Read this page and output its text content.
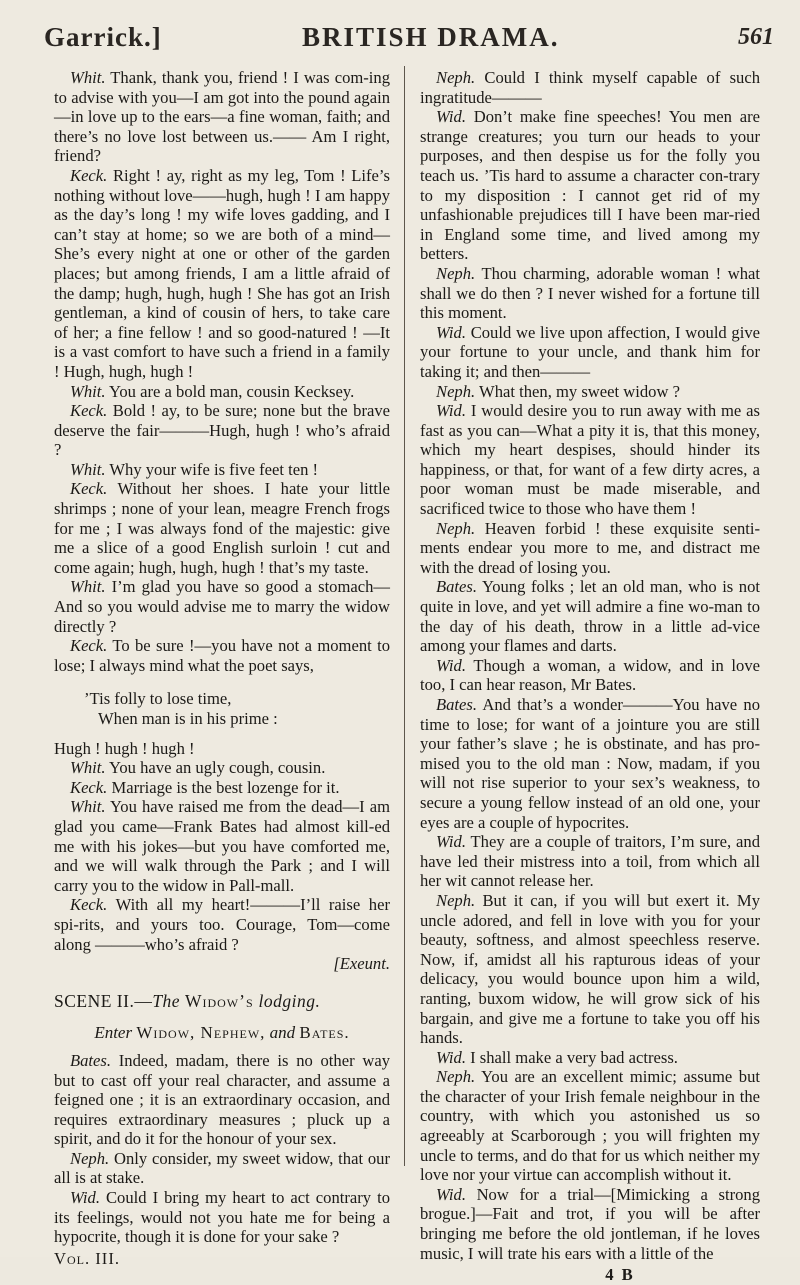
Garrick.]	BRITISH DRAMA.	561

Whit. Thank, thank you, friend ! I was com-ing to advise with you—I am got into the pound again—in love up to the ears—a fine woman, faith; and there’s no love lost between us.—— Am I right, friend?

Keck. Right ! ay, right as my leg, Tom ! Life’s nothing without love——hugh, hugh ! I am happy as the day’s long ! my wife loves gadding, and I can’t stay at home; so we are both of a mind— She’s every night at one or other of the garden places; but among friends, I am a little afraid of the damp; hugh, hugh, hugh ! She has got an Irish gentleman, a kind of cousin of hers, to take care of her; a fine fellow ! and so good-natured ! —It is a vast comfort to have such a friend in a family ! Hugh, hugh, hugh !

Whit. You are a bold man, cousin Kecksey.

Keck. Bold ! ay, to be sure; none but the brave deserve the fair———Hugh, hugh ! who’s afraid ?

Whit. Why your wife is five feet ten !

Keck. Without her shoes. I hate your little shrimps ; none of your lean, meagre French frogs for me ; I was always fond of the majestic: give me a slice of a good English surloin ! cut and come again; hugh, hugh, hugh ! that’s my taste.

Whit. I’m glad you have so good a stomach— And so you would advise me to marry the widow directly ?

Keck. To be sure !—you have not a moment to lose; I always mind what the poet says,

’Tis folly to lose time,

When man is in his prime :

Hugh ! hugh ! hugh !

Whit. You have an ugly cough, cousin.

Keck. Marriage is the best lozenge for it.

Whit. You have raised me from the dead—I am glad you came—Frank Bates had almost kill-ed me with his jokes—but you have comforted me, and we will walk through the Park ; and I will carry you to the widow in Pall-mall.

Keck. With all my heart!———I’ll raise her spi-rits, and yours too. Courage, Tom—come along ———who’s afraid ?

[Exeunt.

SCENE II.—The Widow’s lodging.

Enter Widow, Nephew, and Bates.

Bates. Indeed, madam, there is no other way but to cast off your real character, and assume a feigned one ; it is an extraordinary occasion, and requires extraordinary measures ; pluck up a spirit, and do it for the honour of your sex.

Neph. Only consider, my sweet widow, that our all is at stake.

Wid. Could I bring my heart to act contrary to its feelings, would not you hate me for being a hypocrite, though it is done for your sake ?

Vol. III.

Neph. Could I think myself capable of such ingratitude———

Wid. Don’t make fine speeches! You men are strange creatures; you turn our heads to your purposes, and then despise us for the folly you teach us. ’Tis hard to assume a character con-trary to my disposition : I cannot get rid of my unfashionable prejudices till I have been mar-ried in England some time, and lived among my betters.

Neph. Thou charming, adorable woman ! what shall we do then ? I never wished for a fortune till this moment.

Wid. Could we live upon affection, I would give your fortune to your uncle, and thank him for taking it; and then———

Neph. What then, my sweet widow ?

Wid. I would desire you to run away with me as fast as you can—What a pity it is, that this money, which my heart despises, should hinder its happiness, or that, for want of a few dirty acres, a poor woman must be made miserable, and sacrificed twice to those who have them !

Neph. Heaven forbid ! these exquisite senti-ments endear you more to me, and distract me with the dread of losing you.

Bates. Young folks ; let an old man, who is not quite in love, and yet will admire a fine wo-man to the day of his death, throw in a little ad-vice among your flames and darts.

Wid. Though a woman, a widow, and in love too, I can hear reason, Mr Bates.

Bates. And that’s a wonder———You have no time to lose; for want of a jointure you are still your father’s slave ; he is obstinate, and has pro-mised you to the old man : Now, madam, if you will not rise superior to your sex’s weakness, to secure a young fellow instead of an old one, your eyes are a couple of hypocrites.

Wid. They are a couple of traitors, I’m sure, and have led their mistress into a toil, from which all her wit cannot release her.

Neph. But it can, if you will but exert it. My uncle adored, and fell in love with you for your beauty, softness, and almost speechless reserve. Now, if, amidst all his rapturous ideas of your delicacy, you would bounce upon him a wild, ranting, buxom widow, he will grow sick of his bargain, and give me a fortune to take you off his hands.

Wid. I shall make a very bad actress.

Neph. You are an excellent mimic; assume but the character of your Irish female neighbour in the country, with which you astonished us so agreeably at Scarborough ; you will frighten my uncle to terms, and do that for us which neither my love nor your virtue can accomplish without it.

Wid. Now for a trial—[Mimicking a strong brogue.]—Fait and trot, if you will be after bringing me before the old jontleman, if he loves music, I will trate his ears with a little of the

4 B
